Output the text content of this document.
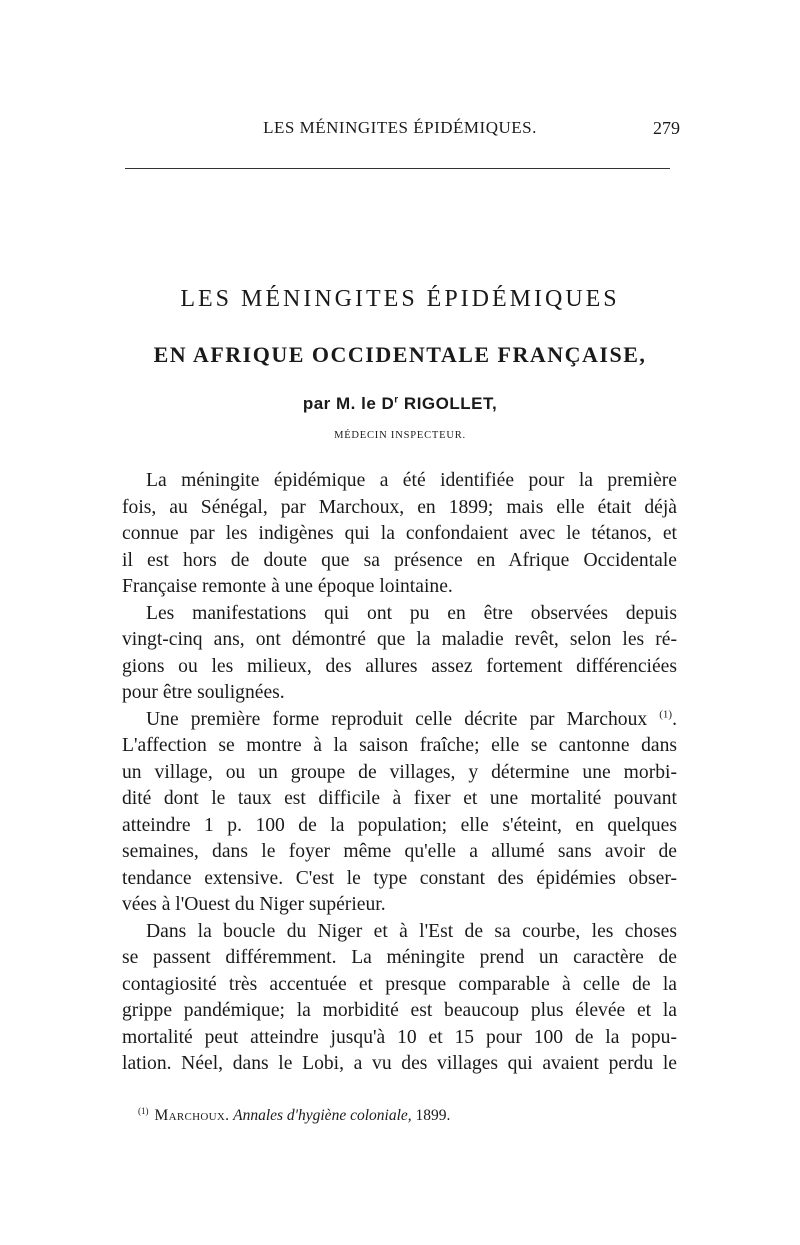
LES MÉNINGITES ÉPIDÉMIQUES.	279
LES MÉNINGITES ÉPIDÉMIQUES
EN AFRIQUE OCCIDENTALE FRANÇAISE,
par M. le $D^r$ RIGOLLET,
MÉDECIN INSPECTEUR.
La méningite épidémique a été identifiée pour la première
fois, au Sénégal, par Marchoux, en 1899; mais elle était déjà
connue par les indigènes qui la confondaient avec le tétanos, et
il est hors de doute que sa présence en Afrique Occidentale
Française remonte à une époque lointaine.
Les manifestations qui ont pu en être observées depuis
vingt-cinq ans, ont démontré que la maladie revêt, selon les ré-
gions ou les milieux, des allures assez fortement différenciées
pour être soulignées.
Une première forme reproduit celle décrite par Marchoux $^{(1)}$.
L'affection se montre à la saison fraîche; elle se cantonne dans
un village, ou un groupe de villages, y détermine une morbi-
dité dont le taux est difficile à fixer et une mortalité pouvant
atteindre 1 p. 100 de la population; elle s'éteint, en quelques
semaines, dans le foyer même qu'elle a allumé sans avoir de
tendance extensive. C'est le type constant des épidémies obser-
vées à l'Ouest du Niger supérieur.
Dans la boucle du Niger et à l'Est de sa courbe, les choses
se passent différemment. La méningite prend un caractère de
contagiosité très accentuée et presque comparable à celle de la
grippe pandémique; la morbidité est beaucoup plus élevée et la
mortalité peut atteindre jusqu'à 10 et 15 pour 100 de la popu-
lation. Néel, dans le Lobi, a vu des villages qui avaient perdu le
$^{(1)}$ Marchoux. Annales d'hygiène coloniale, 1899.
